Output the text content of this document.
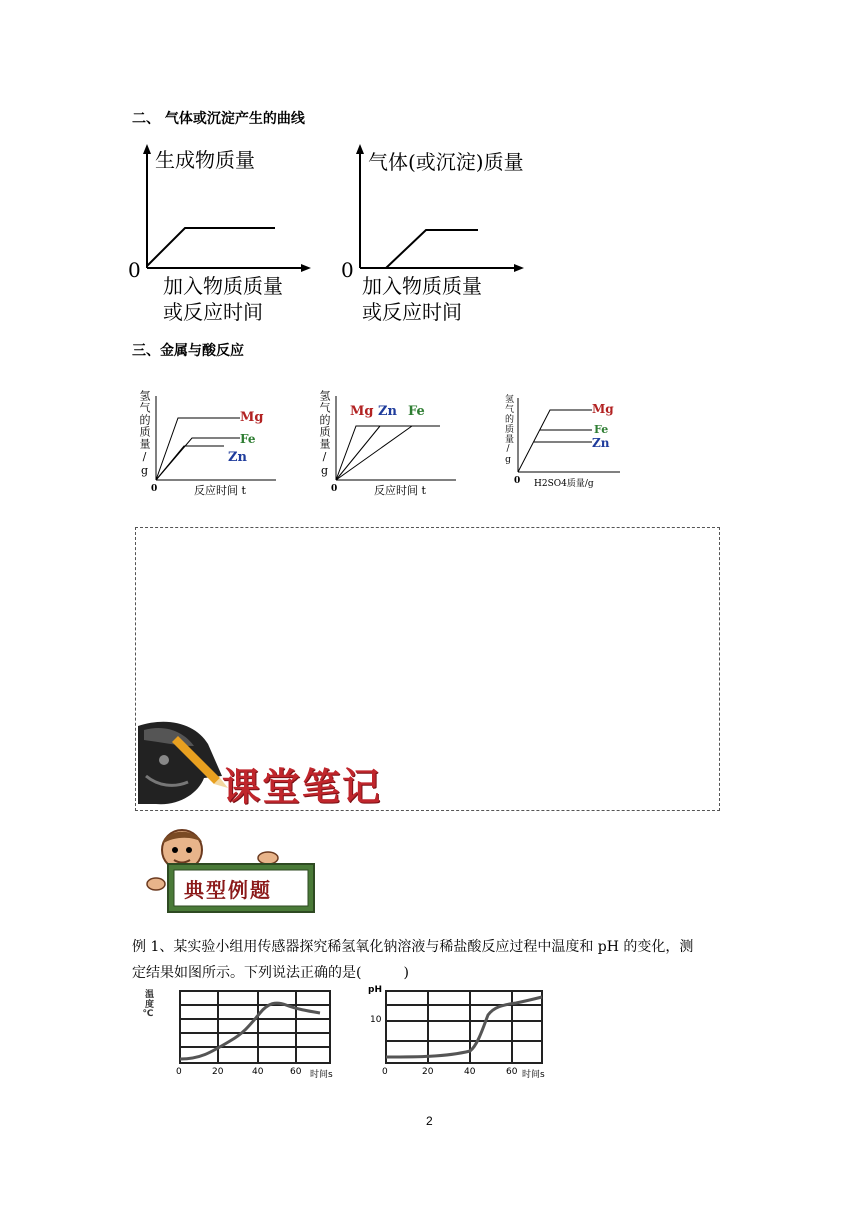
二、 气体或沉淀产生的曲线
生成物质量
0
加入物质质量
或反应时间
气体(或沉淀)质量
0
加入物质质量
或反应时间
三、金属与酸反应
氢气的质量/g	Mg
Fe
Zn
0	反应时间 t
氢气的质量/g Mg Zn Fe
0	反应时间 t
氢气的质量/g	Mg
Fe
Zn
0 H2SO4质量/g
课堂笔记
典型例题
例 1、某实验小组用传感器探究稀氢氧化钠溶液与稀盐酸反应过程中温度和 pH 的变化，测
定结果如图所示。下列说法正确的是(　　　)
温度℃
0	20	40	60 时间s
pH
10
0	20	40	60 时间s
2
